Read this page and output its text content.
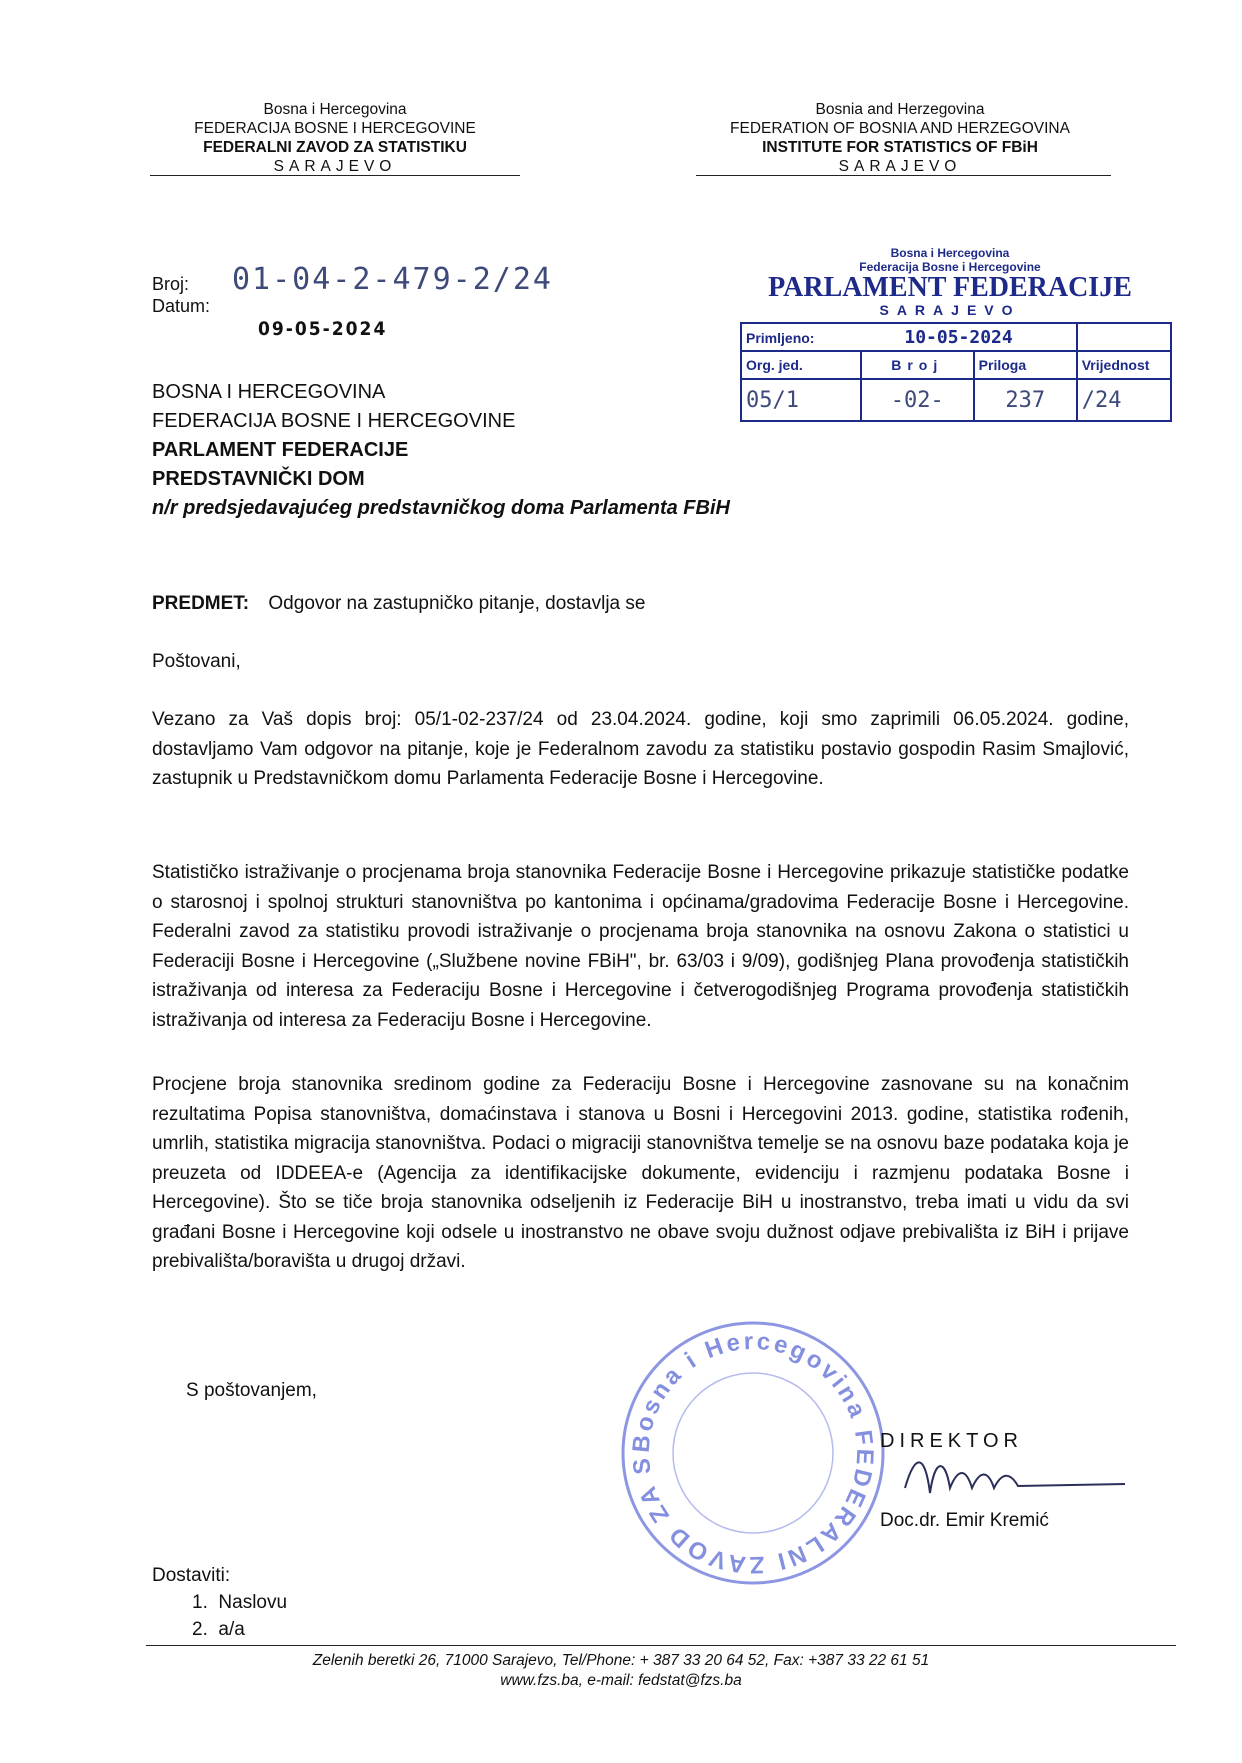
Bosna i Hercegovina
FEDERACIJA BOSNE I HERCEGOVINE
FEDERALNI ZAVOD ZA STATISTIKU
SARAJEVO
Bosnia and Herzegovina
FEDERATION OF BOSNIA AND HERZEGOVINA
INSTITUTE FOR STATISTICS OF FBiH
SARAJEVO
Broj: 01-04-2-479-2/24
Datum:
09-05-2024
Bosna i Hercegovina
Federacija Bosne i Hercegovine
PARLAMENT FEDERACIJE
SARAJEVO
Primljeno: 10-05-2024			
Org. jed.	Broj	Priloga	Vrijednost
05/1	-02-	237	/24
BOSNA I HERCEGOVINA
FEDERACIJA BOSNE I HERCEGOVINE
PARLAMENT FEDERACIJE
PREDSTAVNIČKI DOM
n/r predsjedavajućeg predstavničkog doma Parlamenta FBiH
PREDMET: Odgovor na zastupničko pitanje, dostavlja se
Poštovani,
Vezano za Vaš dopis broj: 05/1-02-237/24 od 23.04.2024. godine, koji smo zaprimili 06.05.2024. godine, dostavljamo Vam odgovor na pitanje, koje je Federalnom zavodu za statistiku postavio gospodin Rasim Smajlović, zastupnik u Predstavničkom domu Parlamenta Federacije Bosne i Hercegovine.
Statističko istraživanje o procjenama broja stanovnika Federacije Bosne i Hercegovine prikazuje statističke podatke o starosnoj i spolnoj strukturi stanovništva po kantonima i općinama/gradovima Federacije Bosne i Hercegovine. Federalni zavod za statistiku provodi istraživanje o procjenama broja stanovnika na osnovu Zakona o statistici u Federaciji Bosne i Hercegovine („Službene novine FBiH", br. 63/03 i 9/09), godišnjeg Plana provođenja statističkih istraživanja od interesa za Federaciju Bosne i Hercegovine i četverogodišnjeg Programa provođenja statističkih istraživanja od interesa za Federaciju Bosne i Hercegovine.
Procjene broja stanovnika sredinom godine za Federaciju Bosne i Hercegovine zasnovane su na konačnim rezultatima Popisa stanovništva, domaćinstava i stanova u Bosni i Hercegovini 2013. godine, statistika rođenih, umrlih, statistika migracija stanovništva. Podaci o migraciji stanovništva temelje se na osnovu baze podataka koja je preuzeta od IDDEEA-e (Agencija za identifikacijske dokumente, evidenciju i razmjenu podataka Bosne i Hercegovine). Što se tiče broja stanovnika odseljenih iz Federacije BiH u inostranstvo, treba imati u vidu da svi građani Bosne i Hercegovine koji odsele u inostranstvo ne obave svoju dužnost odjave prebivališta iz BiH i prijave prebivališta/boravišta u drugoj državi.
S poštovanjem,
Bosna i Hercegovina FEDERALNI ZAVOD ZA S
DIREKTOR
Doc.dr. Emir Kremić
Dostaviti:
1.  Naslovu
2.  a/a
Zelenih beretki 26, 71000 Sarajevo, Tel/Phone: + 387 33 20 64 52, Fax: +387 33 22 61 51
www.fzs.ba, e-mail: fedstat@fzs.ba
